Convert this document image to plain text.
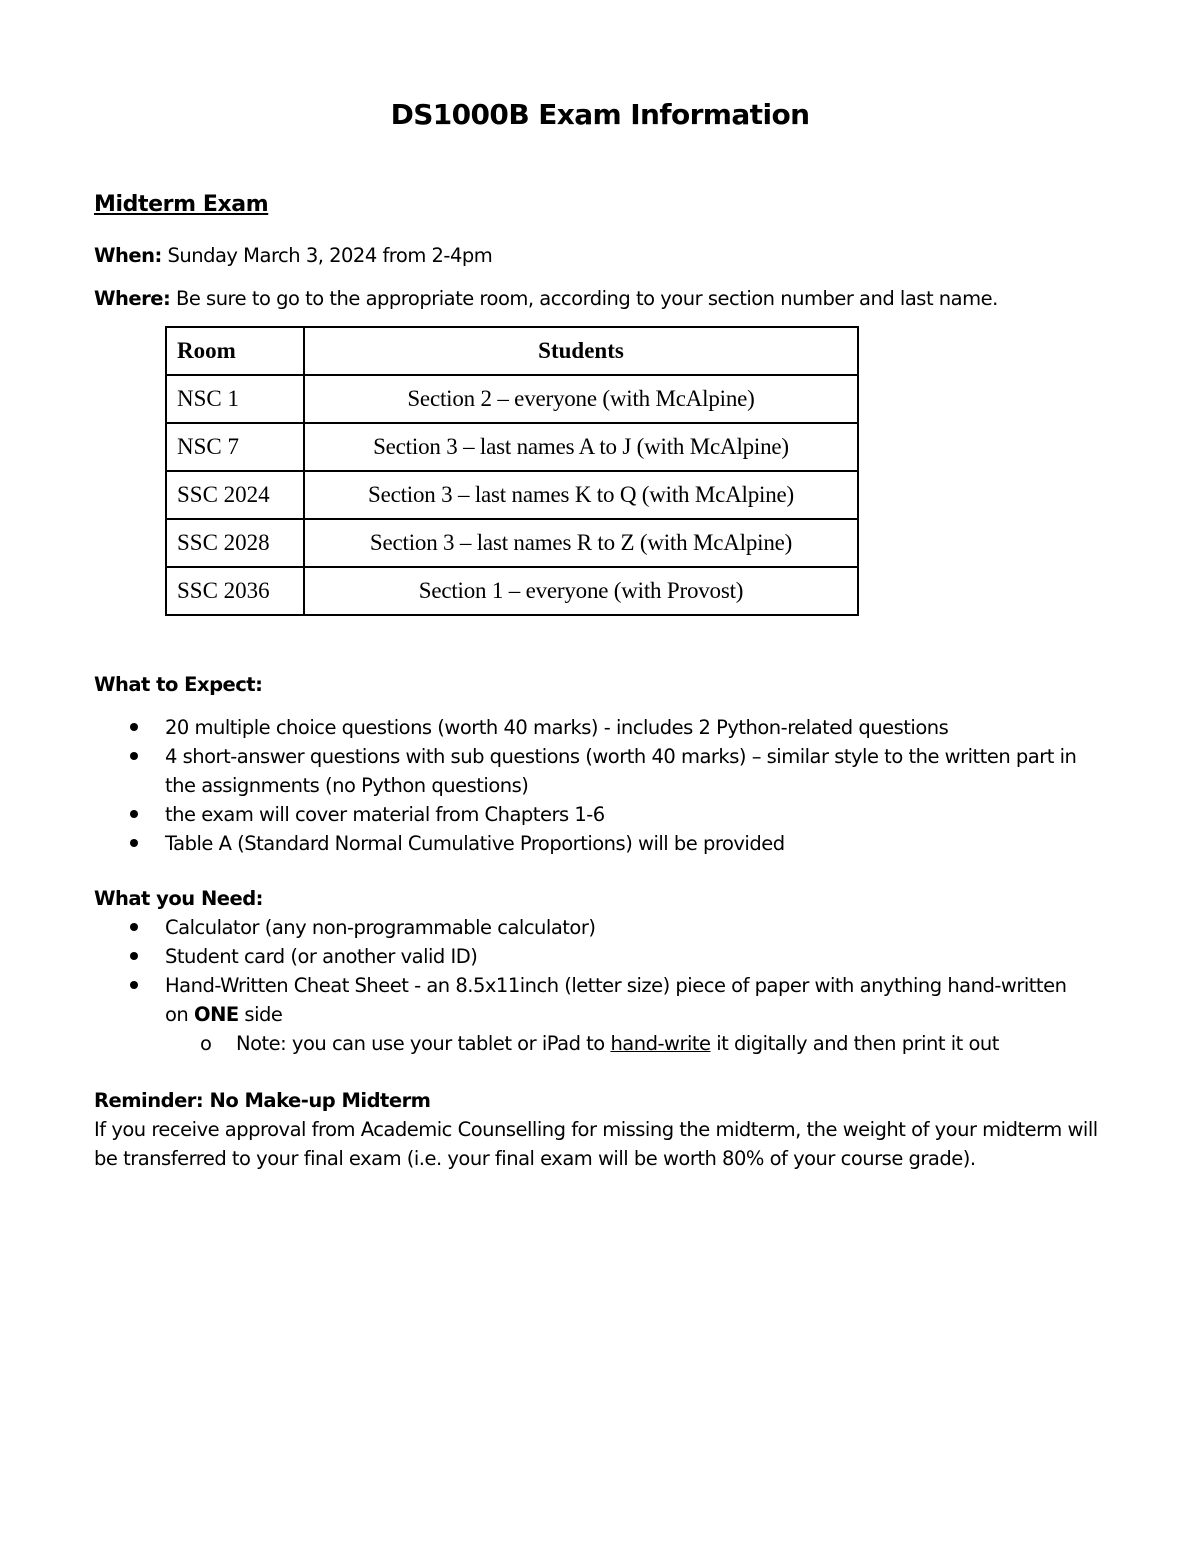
DS1000B Exam Information
Midterm Exam
When: Sunday March 3, 2024 from 2-4pm
Where: Be sure to go to the appropriate room, according to your section number and last name.
Room	Students
NSC 1	Section 2 – everyone (with McAlpine)
NSC 7	Section 3 – last names A to J (with McAlpine)
SSC 2024	Section 3 – last names K to Q (with McAlpine)
SSC 2028	Section 3 – last names R to Z (with McAlpine)
SSC 2036	Section 1 – everyone (with Provost)
What to Expect:
20 multiple choice questions (worth 40 marks) - includes 2 Python-related questions
4 short-answer questions with sub questions (worth 40 marks) – similar style to the written part in
the assignments (no Python questions)
the exam will cover material from Chapters 1-6
Table A (Standard Normal Cumulative Proportions) will be provided
What you Need:
Calculator (any non-programmable calculator)
Student card (or another valid ID)
Hand-Written Cheat Sheet - an 8.5x11inch (letter size) piece of paper with anything hand-written
on ONE side
o Note: you can use your tablet or iPad to hand-write it digitally and then print it out
Reminder: No Make-up Midterm
If you receive approval from Academic Counselling for missing the midterm, the weight of your midterm will be transferred to your final exam (i.e. your final exam will be worth 80% of your course grade).
